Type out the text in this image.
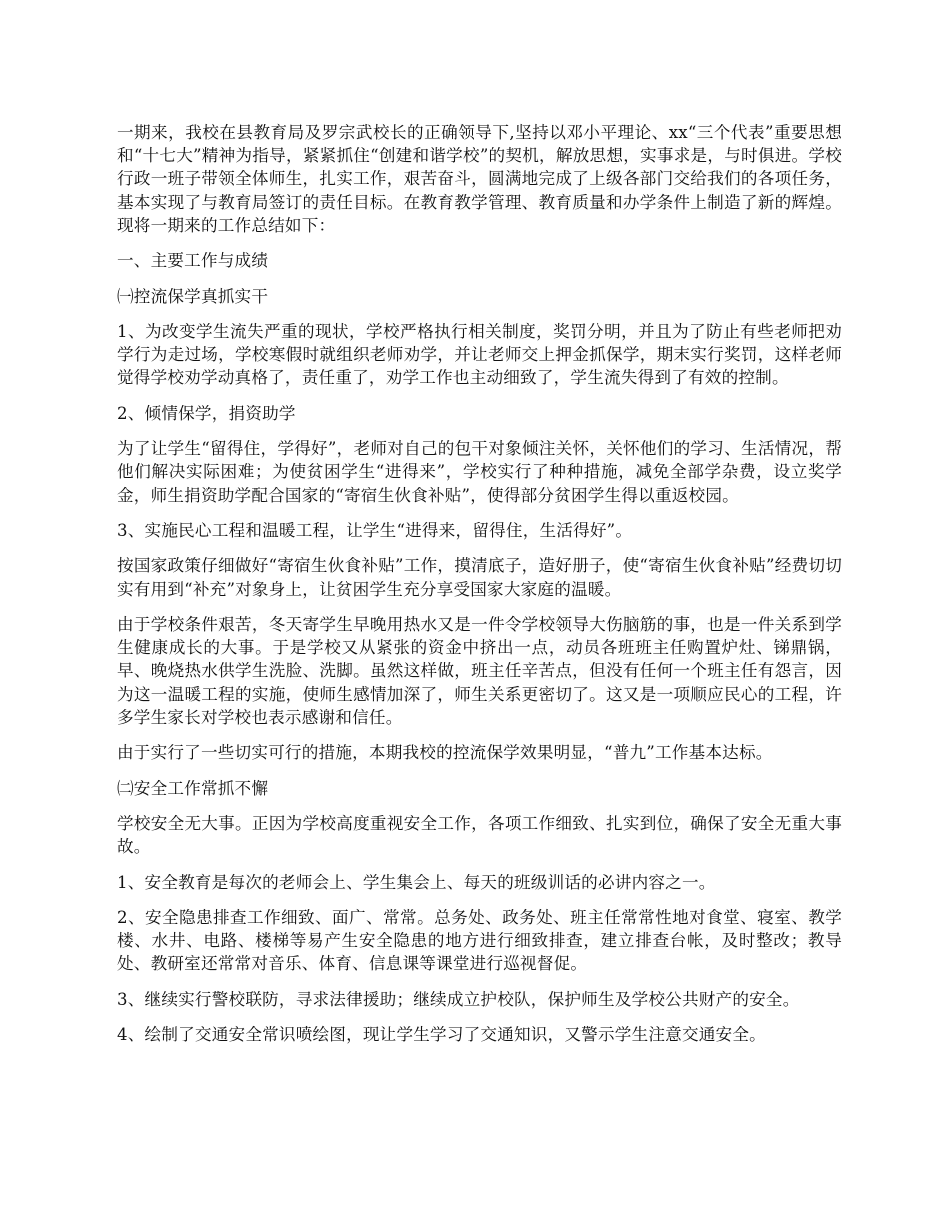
一期来，我校在县教育局及罗宗武校长的正确领导下,坚持以邓小平理论、xx“三个代表”重要思想和“十七大”精神为指导，紧紧抓住“创建和谐学校”的契机，解放思想，实事求是，与时俱进。学校行政一班子带领全体师生，扎实工作，艰苦奋斗，圆满地完成了上级各部门交给我们的各项任务，基本实现了与教育局签订的责任目标。在教育教学管理、教育质量和办学条件上制造了新的辉煌。现将一期来的工作总结如下：

一、主要工作与成绩

㈠控流保学真抓实干

1、为改变学生流失严重的现状，学校严格执行相关制度，奖罚分明，并且为了防止有些老师把劝学行为走过场，学校寒假时就组织老师劝学，并让老师交上押金抓保学，期末实行奖罚，这样老师觉得学校劝学动真格了，责任重了，劝学工作也主动细致了，学生流失得到了有效的控制。

2、倾情保学，捐资助学

为了让学生“留得住，学得好”，老师对自己的包干对象倾注关怀，关怀他们的学习、生活情况，帮他们解决实际困难；为使贫困学生“进得来”，学校实行了种种措施，减免全部学杂费，设立奖学金，师生捐资助学配合国家的“寄宿生伙食补贴”，使得部分贫困学生得以重返校园。

3、实施民心工程和温暖工程，让学生“进得来，留得住，生活得好”。

按国家政策仔细做好“寄宿生伙食补贴”工作，摸清底子，造好册子，使“寄宿生伙食补贴”经费切切实有用到“补充”对象身上，让贫困学生充分享受国家大家庭的温暖。

由于学校条件艰苦，冬天寄学生早晚用热水又是一件令学校领导大伤脑筋的事，也是一件关系到学生健康成长的大事。于是学校又从紧张的资金中挤出一点，动员各班班主任购置炉灶、锑鼎锅，早、晚烧热水供学生洗脸、洗脚。虽然这样做，班主任辛苦点，但没有任何一个班主任有怨言，因为这一温暖工程的实施，使师生感情加深了，师生关系更密切了。这又是一项顺应民心的工程，许多学生家长对学校也表示感谢和信任。

由于实行了一些切实可行的措施，本期我校的控流保学效果明显，“普九”工作基本达标。

㈡安全工作常抓不懈

学校安全无大事。正因为学校高度重视安全工作，各项工作细致、扎实到位，确保了安全无重大事故。

1、安全教育是每次的老师会上、学生集会上、每天的班级训话的必讲内容之一。

2、安全隐患排查工作细致、面广、常常。总务处、政务处、班主任常常性地对食堂、寝室、教学楼、水井、电路、楼梯等易产生安全隐患的地方进行细致排查，建立排查台帐，及时整改；教导处、教研室还常常对音乐、体育、信息课等课堂进行巡视督促。

3、继续实行警校联防，寻求法律援助；继续成立护校队，保护师生及学校公共财产的安全。

4、绘制了交通安全常识喷绘图，现让学生学习了交通知识，又警示学生注意交通安全。
